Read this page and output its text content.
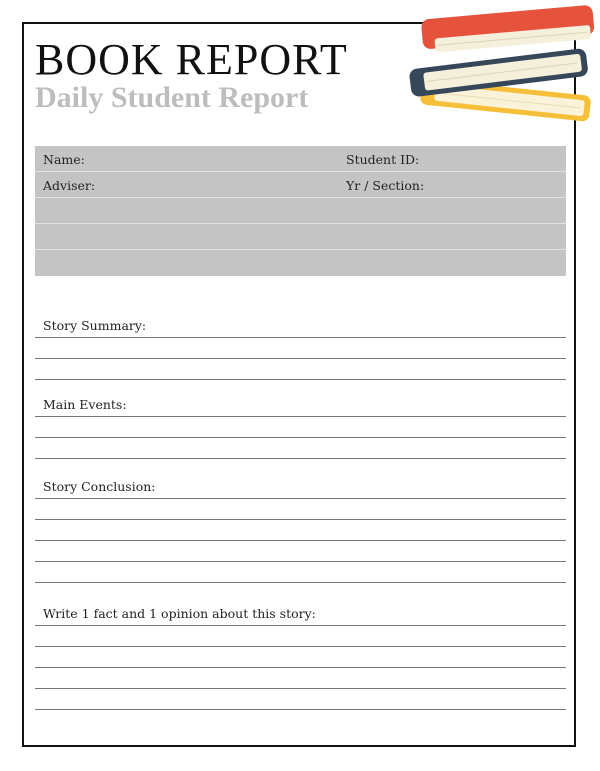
BOOK REPORT
Daily Student Report
Name:	Student ID:
Adviser:	Yr / Section:
Story Summary:
Main Events:
Story Conclusion:
Write 1 fact and 1 opinion about this story:
